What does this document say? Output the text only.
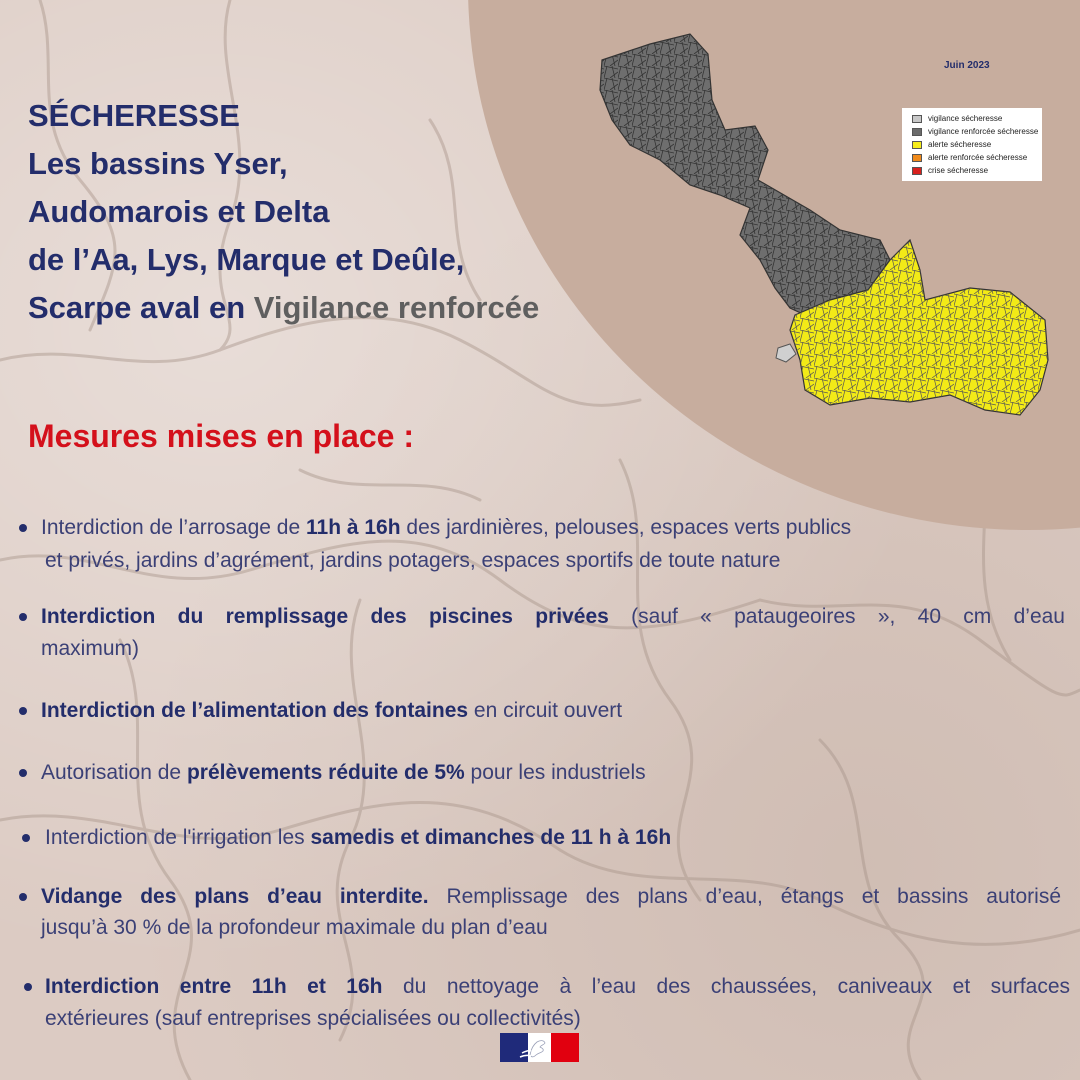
SÉCHERESSE
Les bassins Yser,
Audomarois et Delta
de l’Aa, Lys, Marque et Deûle,
Scarpe aval en Vigilance renforcée
Juin 2023
vigilance sécheresse
vigilance renforcée sécheresse
alerte sécheresse
alerte renforcée sécheresse
crise sécheresse
Mesures mises en place :
Interdiction de l’arrosage de 11h à 16h des jardinières, pelouses, espaces verts publics
et privés, jardins d’agrément, jardins potagers, espaces sportifs de toute nature
Interdiction du remplissage des piscines privées (sauf « pataugeoires », 40 cm d’eau
maximum)
Interdiction de l’alimentation des fontaines en circuit ouvert
Autorisation de prélèvements réduite de 5% pour les industriels
Interdiction de l'irrigation les samedis et dimanches de 11 h à 16h
Vidange des plans d’eau interdite. Remplissage des plans d’eau, étangs et bassins autorisé
jusqu’à 30 % de la profondeur maximale du plan d’eau
Interdiction entre 11h et 16h du nettoyage à l’eau des chaussées, caniveaux et surfaces
extérieures (sauf entreprises spécialisées ou collectivités)
